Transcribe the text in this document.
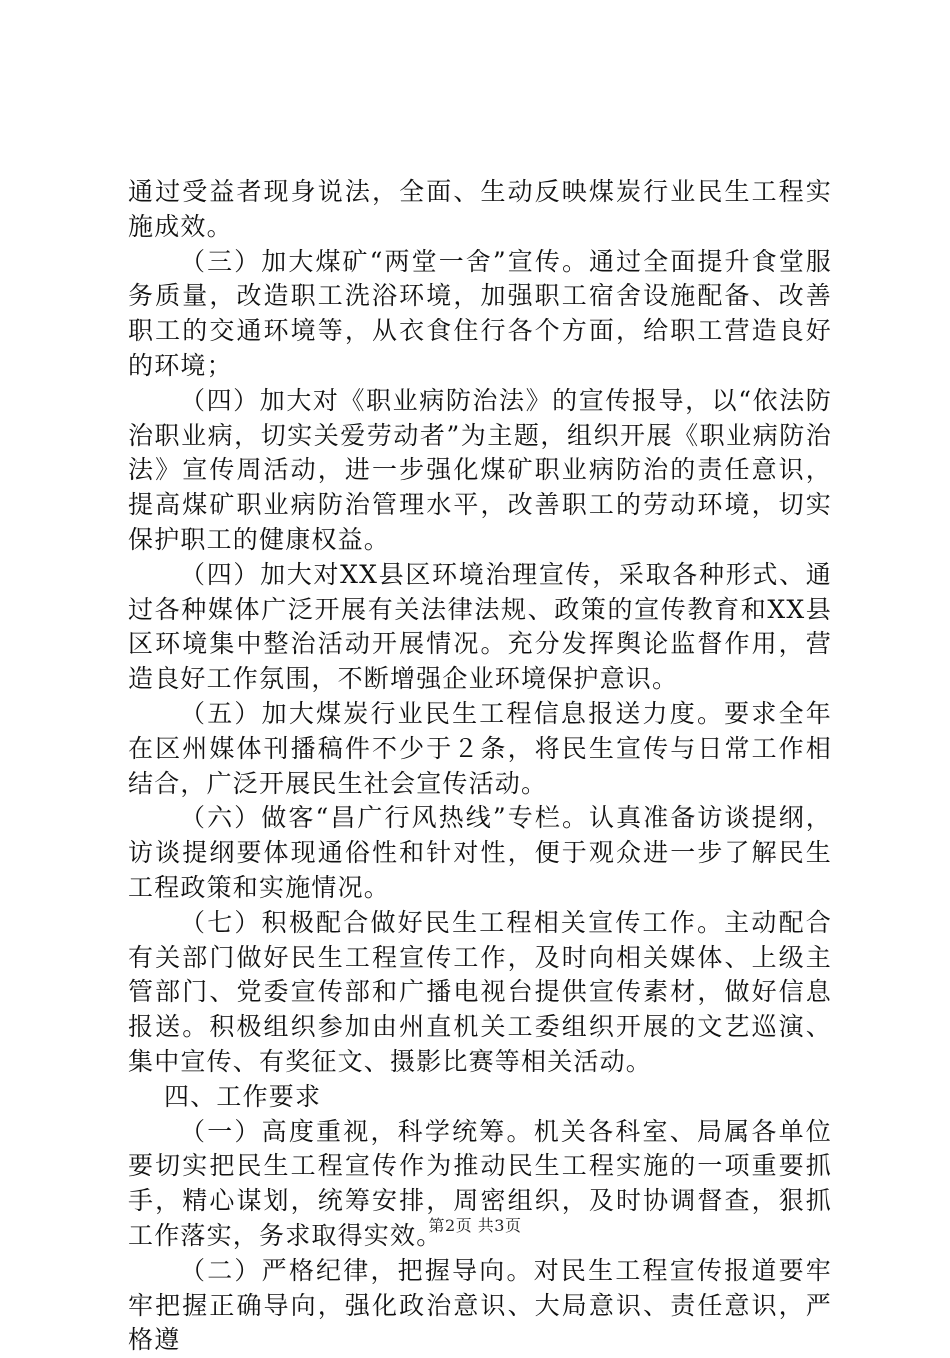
通过受益者现身说法，全面、生动反映煤炭行业民生工程实施成效。

（三）加大煤矿“两堂一舍”宣传。通过全面提升食堂服务质量，改造职工洗浴环境，加强职工宿舍设施配备、改善职工的交通环境等，从衣食住行各个方面，给职工营造良好的环境；

（四）加大对《职业病防治法》的宣传报导，以“依法防治职业病，切实关爱劳动者”为主题，组织开展《职业病防治法》宣传周活动，进一步强化煤矿职业病防治的责任意识，提高煤矿职业病防治管理水平，改善职工的劳动环境，切实保护职工的健康权益。

（四）加大对XX县区环境治理宣传，采取各种形式、通过各种媒体广泛开展有关法律法规、政策的宣传教育和XX县区环境集中整治活动开展情况。充分发挥舆论监督作用，营造良好工作氛围，不断增强企业环境保护意识。

（五）加大煤炭行业民生工程信息报送力度。要求全年在区州媒体刊播稿件不少于２条，将民生宣传与日常工作相结合，广泛开展民生社会宣传活动。

（六）做客“昌广行风热线”专栏。认真准备访谈提纲，访谈提纲要体现通俗性和针对性，便于观众进一步了解民生工程政策和实施情况。

（七）积极配合做好民生工程相关宣传工作。主动配合有关部门做好民生工程宣传工作，及时向相关媒体、上级主管部门、党委宣传部和广播电视台提供宣传素材，做好信息报送。积极组织参加由州直机关工委组织开展的文艺巡演、集中宣传、有奖征文、摄影比赛等相关活动。

四、工作要求

（一）高度重视，科学统筹。机关各科室、局属各单位要切实把民生工程宣传作为推动民生工程实施的一项重要抓手，精心谋划，统筹安排，周密组织，及时协调督查，狠抓工作落实，务求取得实效。

（二）严格纪律，把握导向。对民生工程宣传报道要牢牢把握正确导向，强化政治意识、大局意识、责任意识，严格遵

第2页 共3页
